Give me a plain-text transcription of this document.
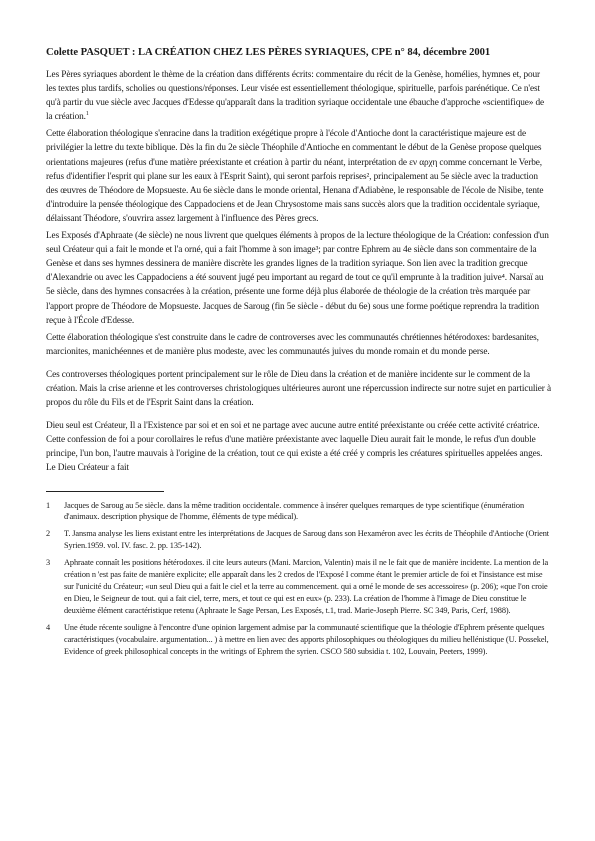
Colette PASQUET : LA CRÉATION CHEZ LES PÈRES SYRIAQUES, CPE n° 84, décembre 2001

Les Pères syriaques abordent le thème de la création dans différents écrits: commentaire du récit de la Genèse, homélies, hymnes et, pour les textes plus tardifs, scholies ou questions/réponses. Leur visée est essentiellement théologique, spirituelle, parfois parénétique. Ce n'est qu'à partir du vue siècle avec Jacques d'Edesse qu'apparaît dans la tradition syriaque occidentale une ébauche d'approche «scientifique» de la création.$^1$

Cette élaboration théologique s'enracine dans la tradition exégétique propre à l'école d'Antioche dont la caractéristique majeure est de privilégier la lettre du texte biblique. Dès la fin du 2e siècle Théophile d'Antioche en commentant le début de la Genèse propose quelques orientations majeures (refus d'une matière préexistante et création à partir du néant, interprétation de εν αρχη comme concernant le Verbe, refus d'identifier l'esprit qui plane sur les eaux à l'Esprit Saint), qui seront parfois reprises², principalement au 5e siècle avec la traduction des œuvres de Théodore de Mopsueste. Au 6e siècle dans le monde oriental, Henana d'Adiabène, le responsable de l'école de Nisibe, tente d'introduire la pensée théologique des Cappadociens et de Jean Chrysostome mais sans succès alors que la tradition occidentale syriaque, délaissant Théodore, s'ouvrira assez largement à l'influence des Pères grecs.

Les Exposés d'Aphraate (4e siècle) ne nous livrent que quelques éléments à propos de la lecture théologique de la Création: confession d'un seul Créateur qui a fait le monde et l'a orné, qui a fait l'homme à son image³; par contre Ephrem au 4e siècle dans son commentaire de la Genèse et dans ses hymnes dessinera de manière discrète les grandes lignes de la tradition syriaque. Son lien avec la tradition grecque d'Alexandrie ou avec les Cappadociens a été souvent jugé peu important au regard de tout ce qu'il emprunte à la tradition juive⁴. Narsaï au 5e siècle, dans des hymnes consacrées à la création, présente une forme déjà plus élaborée de théologie de la création très marquée par l'apport propre de Théodore de Mopsueste. Jacques de Saroug (fin 5e siècle - début du 6e) sous une forme poétique reprendra la tradition reçue à l'École d'Edesse.

Cette élaboration théologique s'est construite dans le cadre de controverses avec les communautés chrétiennes hétérodoxes: bardesanites, marcionites, manichéennes et de manière plus modeste, avec les communautés juives du monde romain et du monde perse.

Ces controverses théologiques portent principalement sur le rôle de Dieu dans la création et de manière incidente sur le comment de la création. Mais la crise arienne et les controverses christologiques ultérieures auront une répercussion indirecte sur notre sujet en particulier à propos du rôle du Fils et de l'Esprit Saint dans la création.

Dieu seul est Créateur, Il a l'Existence par soi et en soi et ne partage avec aucune autre entité préexistante ou créée cette activité créatrice. Cette confession de foi a pour corollaires le refus d'une matière préexistante avec laquelle Dieu aurait fait le monde, le refus d'un double principe, l'un bon, l'autre mauvais à l'origine de la création, tout ce qui existe a été créé y compris les créatures spirituelles appelées anges. Le Dieu Créateur a fait

1	Jacques de Saroug au 5e siècle. dans la même tradition occidentale. commence à insérer quelques remarques de type scientifique (énumération d'animaux. description physique de l'homme, éléments de type médical).
2	T. Jansma analyse les liens existant entre les interprétations de Jacques de Saroug dans son Hexaméron avec les écrits de Théophile d'Antioche (Orient Syrien.1959. vol. IV. fasc. 2. pp. 135-142).
3	Aphraate connaît les positions hétérodoxes. il cite leurs auteurs (Mani. Marcion, Valentin) mais il ne le fait que de manière incidente. La mention de la création n 'est pas faite de manière explicite; elle apparaît dans les 2 credos de l'Exposé I comme étant le premier article de foi et l'insistance est mise sur l'unicité du Créateur; «un seul Dieu qui a fait le ciel et la terre au commencement. qui a orné le monde de ses accessoires» (p. 206); «que l'on croie en Dieu, le Seigneur de tout. qui a fait ciel, terre, mers, et tout ce qui est en eux» (p. 233). La création de l'homme à l'image de Dieu constitue le deuxième élément caractéristique retenu (Aphraate le Sage Persan, Les Exposés, t.1, trad. Marie-Joseph Pierre. SC 349, Paris, Cerf, 1988).
4	Une étude récente souligne à l'encontre d'une opinion largement admise par la communauté scientifique que la théologie d'Ephrem présente quelques caractéristiques (vocabulaire. argumentation... ) à mettre en lien avec des apports philosophiques ou théologiques du milieu hellénistique (U. Possekel, Evidence of greek philosophical concepts in the writings of Ephrem the syrien. CSCO 580 subsidia t. 102, Louvain, Peeters, 1999).
